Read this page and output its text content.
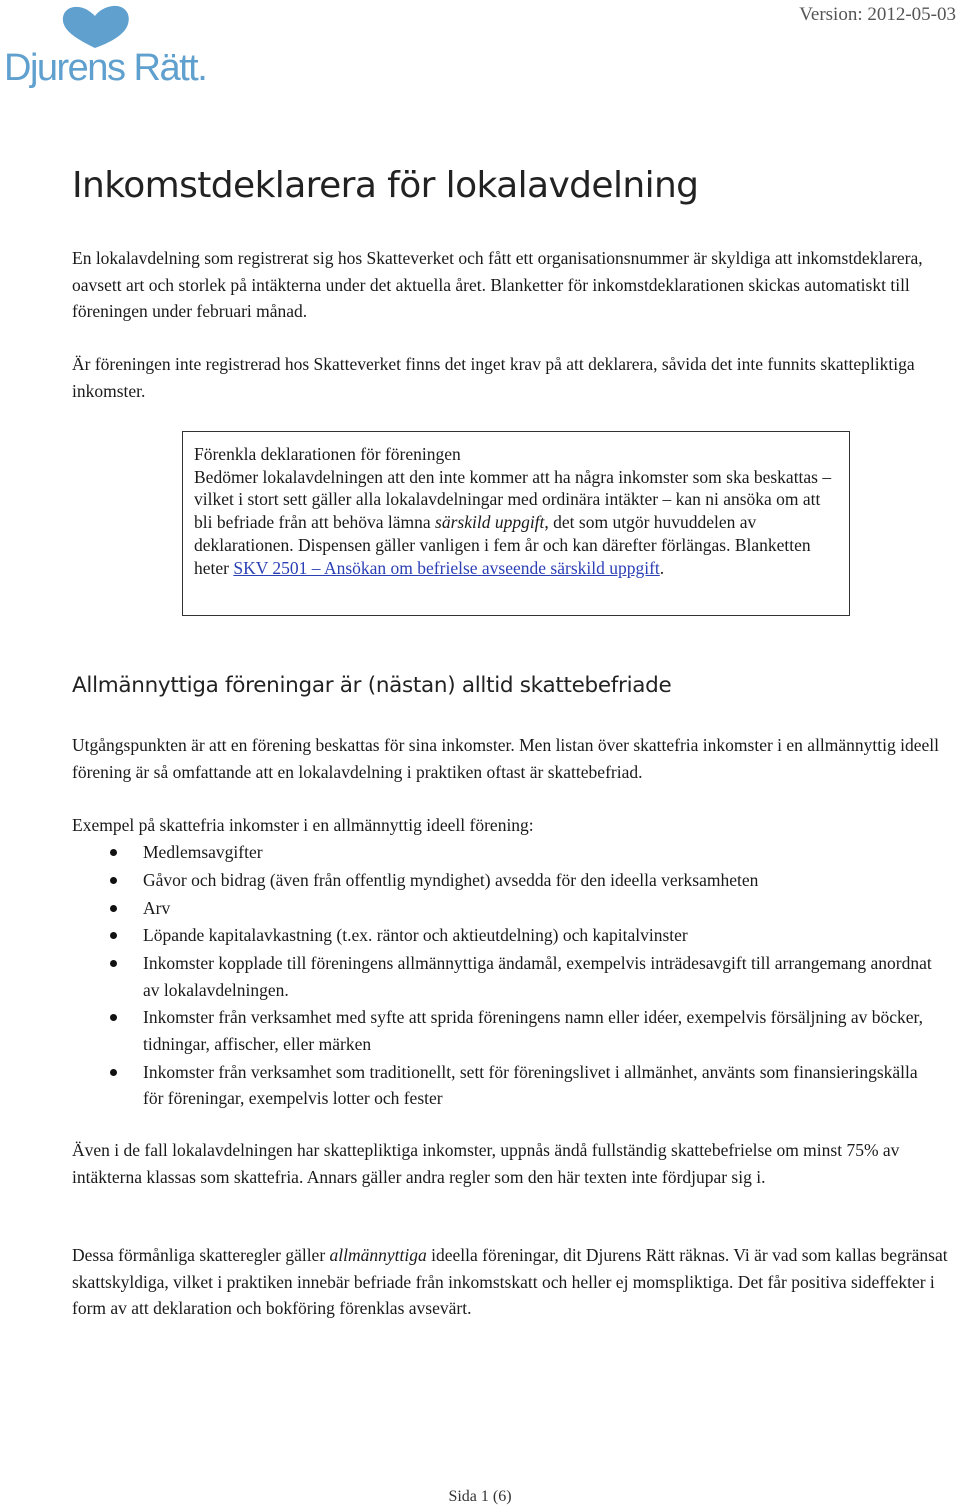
Djurens Rätt.
Version: 2012-05-03
Inkomstdeklarera för lokalavdelning

En lokalavdelning som registrerat sig hos Skatteverket och fått ett organisationsnummer är skyldiga att inkomstdeklarera, oavsett art och storlek på intäkterna under det aktuella året. Blanketter för inkomstdeklarationen skickas automatiskt till föreningen under februari månad.

Är föreningen inte registrerad hos Skatteverket finns det inget krav på att deklarera, såvida det inte funnits skattepliktiga inkomster.

Förenkla deklarationen för föreningen
Bedömer lokalavdelningen att den inte kommer att ha några inkomster som ska beskattas – vilket i stort sett gäller alla lokalavdelningar med ordinära intäkter – kan ni ansöka om att bli befriade från att behöva lämna särskild uppgift, det som utgör huvuddelen av deklarationen. Dispensen gäller vanligen i fem år och kan därefter förlängas. Blanketten heter SKV 2501 – Ansökan om befrielse avseende särskild uppgift.
Allmännyttiga föreningar är (nästan) alltid skattebefriade

Utgångspunkten är att en förening beskattas för sina inkomster. Men listan över skattefria inkomster i en allmännyttig ideell förening är så omfattande att en lokalavdelning i praktiken oftast är skattebefriad.

Exempel på skattefria inkomster i en allmännyttig ideell förening:

Medlemsavgifter
Gåvor och bidrag (även från offentlig myndighet) avsedda för den ideella verksamheten
Arv
Löpande kapitalavkastning (t.ex. räntor och aktieutdelning) och kapitalvinster
Inkomster kopplade till föreningens allmännyttiga ändamål, exempelvis inträdesavgift till arrangemang anordnat av lokalavdelningen.
Inkomster från verksamhet med syfte att sprida föreningens namn eller idéer, exempelvis försäljning av böcker, tidningar, affischer, eller märken
Inkomster från verksamhet som traditionellt, sett för föreningslivet i allmänhet, använts som finansieringskälla för föreningar, exempelvis lotter och fester

Även i de fall lokalavdelningen har skattepliktiga inkomster, uppnås ändå fullständig skattebefrielse om minst 75% av intäkterna klassas som skattefria. Annars gäller andra regler som den här texten inte fördjupar sig i.

Dessa förmånliga skatteregler gäller allmännyttiga ideella föreningar, dit Djurens Rätt räknas. Vi är vad som kallas begränsat skattskyldiga, vilket i praktiken innebär befriade från inkomstskatt och heller ej momspliktiga. Det får positiva sideffekter i form av att deklaration och bokföring förenklas avsevärt.

Sida 1 (6)
